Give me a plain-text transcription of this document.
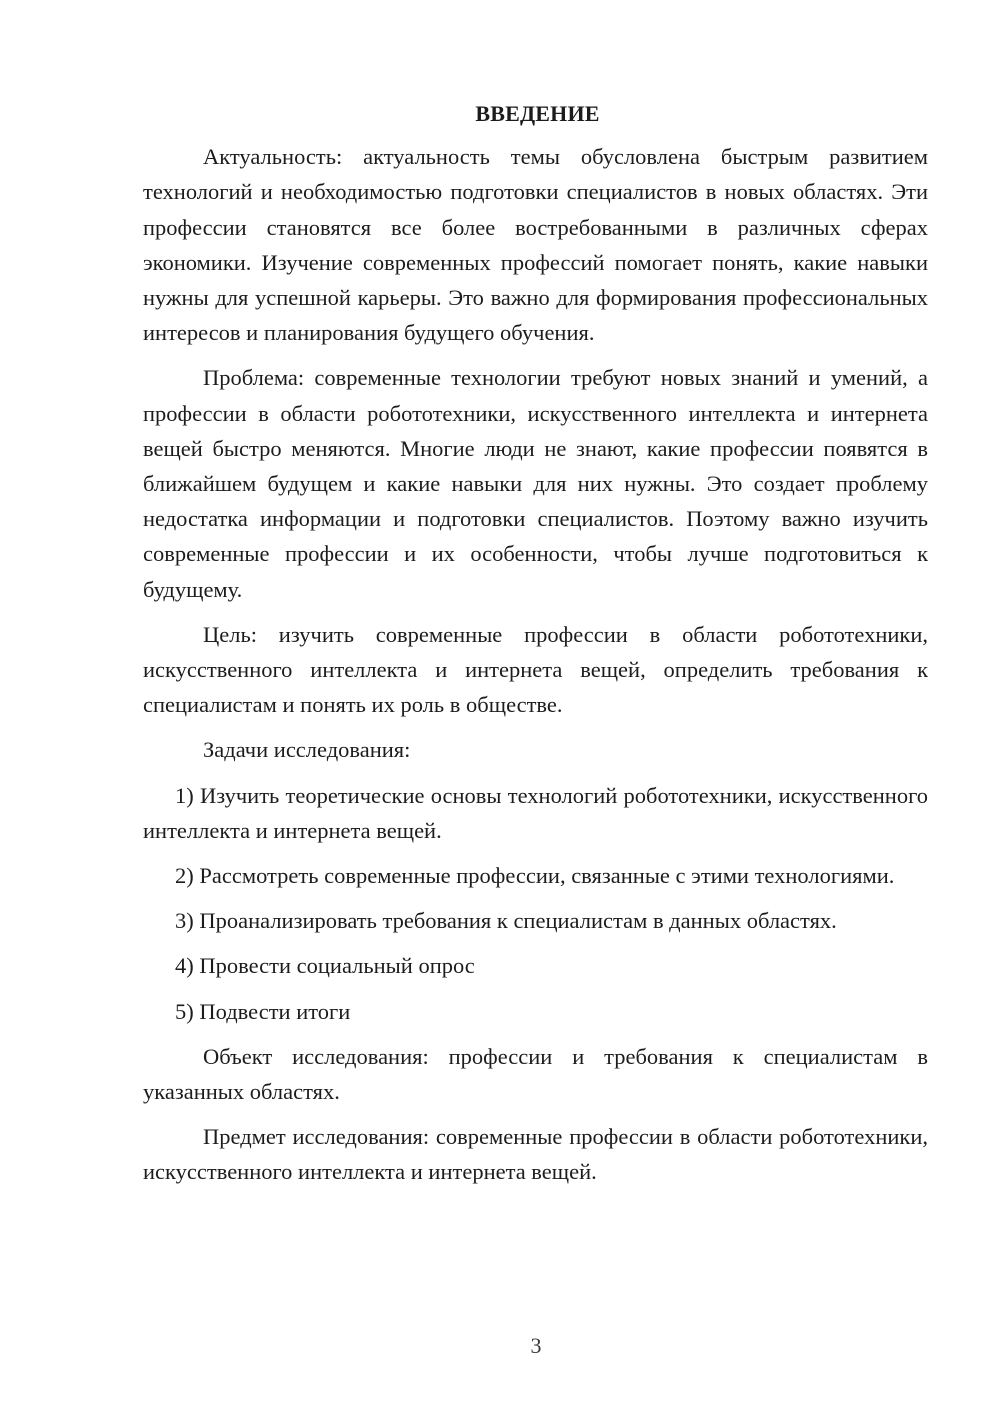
ВВЕДЕНИЕ

Актуальность: актуальность темы обусловлена быстрым развитием технологий и необходимостью подготовки специалистов в новых областях. Эти профессии становятся все более востребованными в различных сферах экономики. Изучение современных профессий помогает понять, какие навыки нужны для успешной карьеры. Это важно для формирования профессиональных интересов и планирования будущего обучения.

Проблема: современные технологии требуют новых знаний и умений, а профессии в области робототехники, искусственного интеллекта и интернета вещей быстро меняются. Многие люди не знают, какие профессии появятся в ближайшем будущем и какие навыки для них нужны. Это создает проблему недостатка информации и подготовки специалистов. Поэтому важно изучить современные профессии и их особенности, чтобы лучше подготовиться к будущему.

Цель: изучить современные профессии в области робототехники, искусственного интеллекта и интернета вещей, определить требования к специалистам и понять их роль в обществе.

Задачи исследования:

1) Изучить теоретические основы технологий робототехники, искусственного интеллекта и интернета вещей.

2) Рассмотреть современные профессии, связанные с этими технологиями.

3) Проанализировать требования к специалистам в данных областях.

4) Провести социальный опрос

5) Подвести итоги

Объект исследования: профессии и требования к специалистам в указанных областях.

Предмет исследования: современные профессии в области робототехники, искусственного интеллекта и интернета вещей.

3
